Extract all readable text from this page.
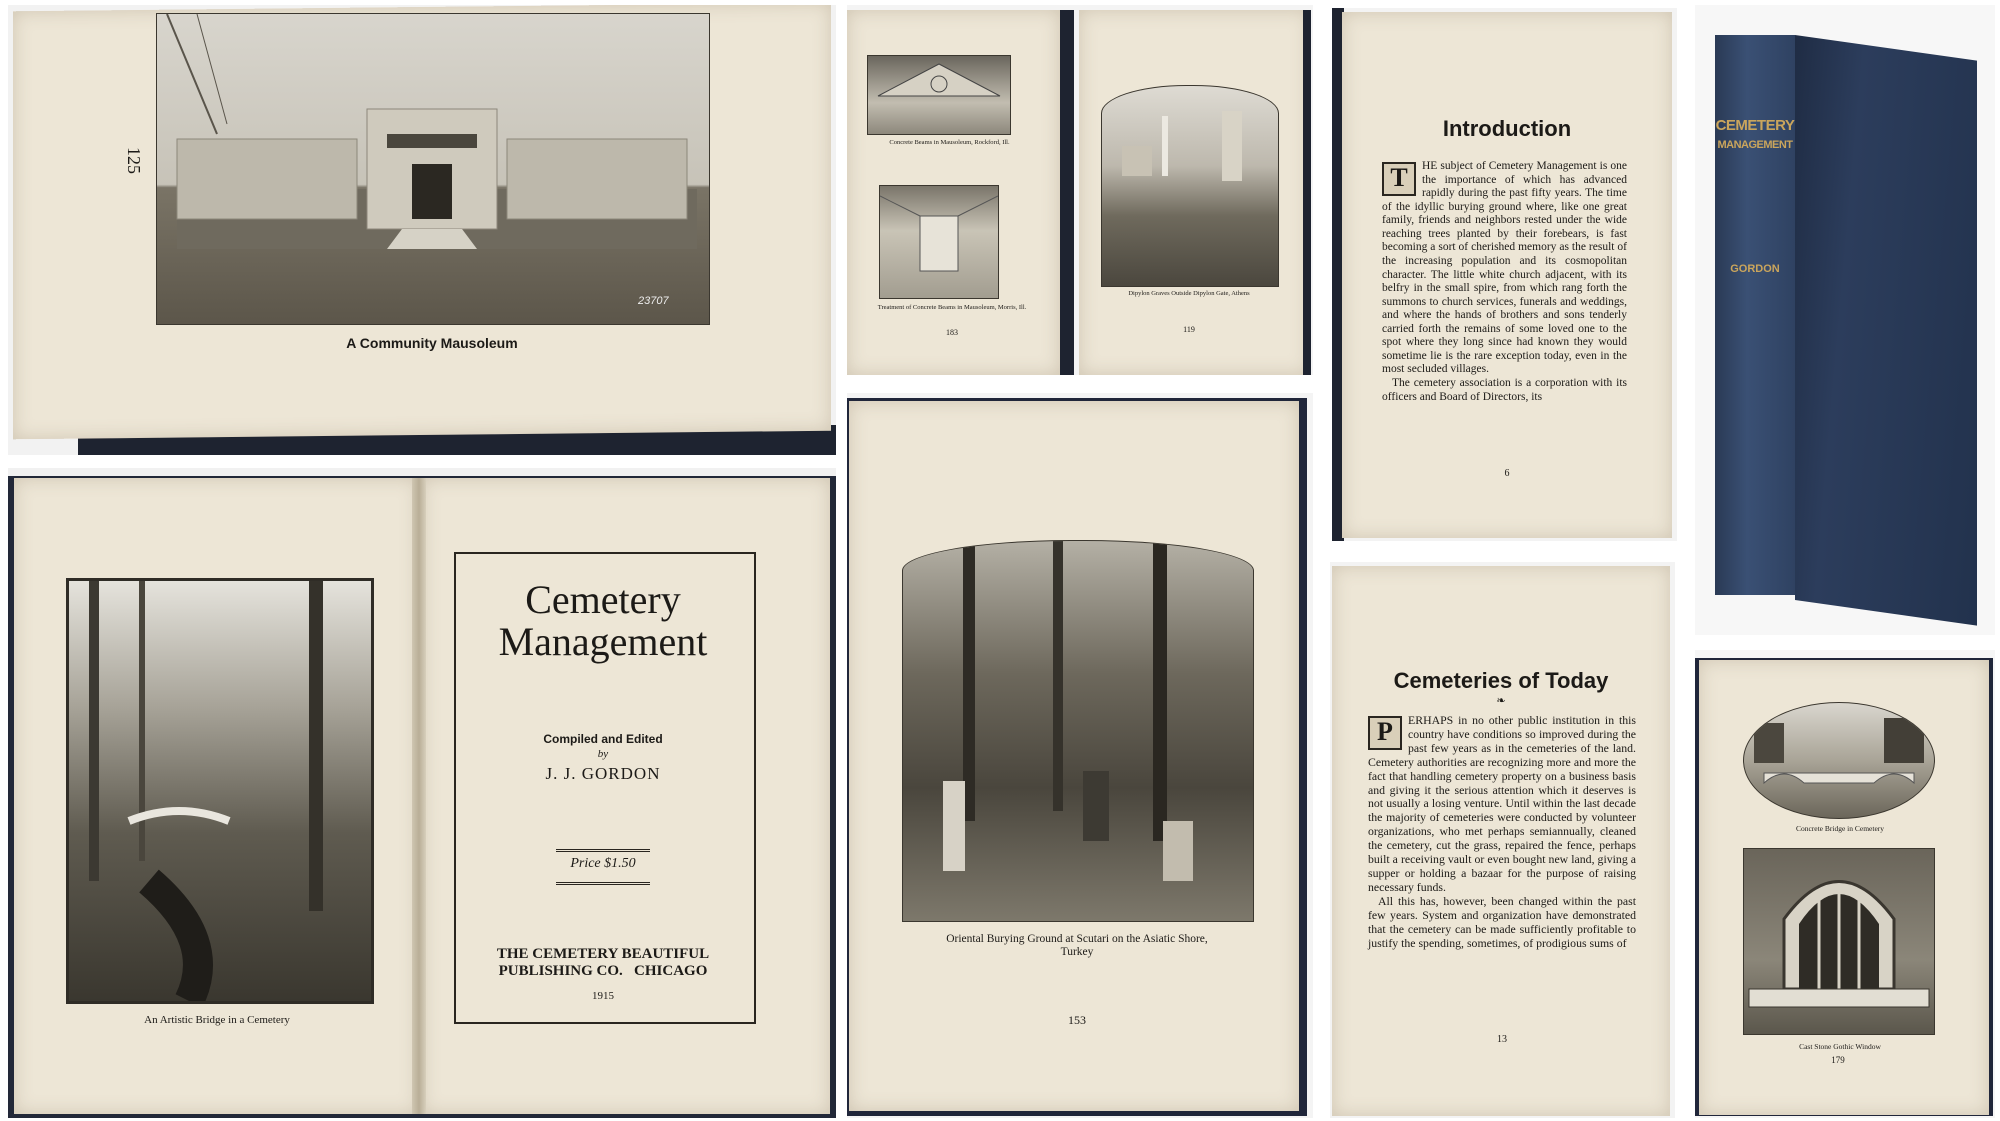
125
23707
A Community Mausoleum
Concrete Beams in Mausoleum, Rockford, Ill.
Treatment of Concrete Beams in Mausoleum, Morris, Ill.
183
Dipylon Graves Outside Dipylon Gate, Athens
119
Introduction
T	HE subject of Cemetery Management is one the importance of which has advanced rapidly during the past fifty years. The time of the idyllic burying ground where, like one great family, friends and neighbors rested under the wide reaching trees planted by their forebears, is fast becoming a sort of cherished memory as the result of the increasing population and its cosmopolitan character. The little white church adjacent, with its belfry in the small spire, from which rang forth the summons to church services, funerals and weddings, and where the hands of brothers and sons tenderly carried forth the remains of some loved one to the spot where they long since had known they would sometime lie is the rare exception today, even in the most secluded villages.
The cemetery association is a corporation with its officers and Board of Directors, its
6
CEMETERY
MANAGEMENT
GORDON
An Artistic Bridge in a Cemetery
Cemetery
Management
Compiled and Edited
by
J. J. GORDON
Price $1.50
THE CEMETERY BEAUTIFUL
PUBLISHING CO.   CHICAGO
1915
Oriental Burying Ground at Scutari on the Asiatic Shore,
Turkey
153
Cemeteries of Today
❧
P	ERHAPS in no other public institution in this country have conditions so improved during the past few years as in the cemeteries of the land. Cemetery authorities are recognizing more and more the fact that handling cemetery property on a business basis and giving it the serious attention which it deserves is not usually a losing venture. Until within the last decade the majority of cemeteries were conducted by volunteer organizations, who met perhaps semiannually, cleaned the cemetery, cut the grass, repaired the fence, perhaps built a receiving vault or even bought new land, giving a supper or holding a bazaar for the purpose of raising necessary funds.
All this has, however, been changed within the past few years. System and organization have demonstrated that the cemetery can be made sufficiently profitable to justify the spending, sometimes, of prodigious sums of
13
Concrete Bridge in Cemetery
Cast Stone Gothic Window
179
